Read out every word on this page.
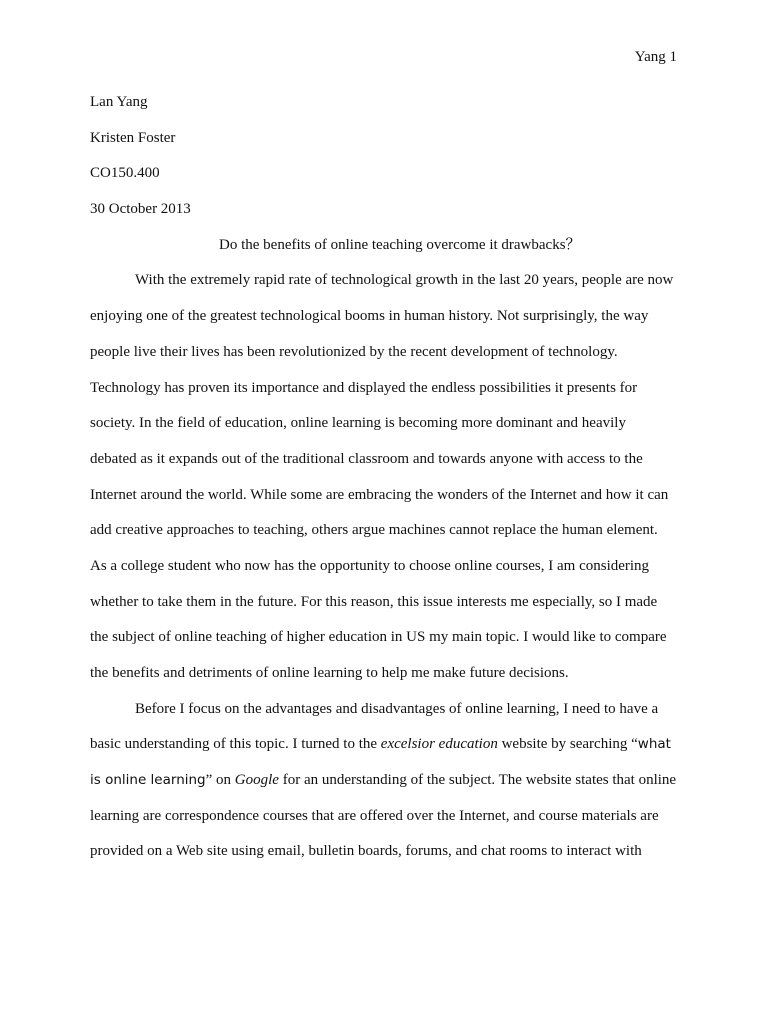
Yang 1
Lan Yang
Kristen Foster
CO150.400
30 October 2013
Do the benefits of online teaching overcome it drawbacks？
With the extremely rapid rate of technological growth in the last 20 years, people are now
enjoying one of the greatest technological booms in human history. Not surprisingly, the way
people live their lives has been revolutionized by the recent development of technology.
Technology has proven its importance and displayed the endless possibilities it presents for
society. In the field of education, online learning is becoming more dominant and heavily
debated as it expands out of the traditional classroom and towards anyone with access to the
Internet around the world. While some are embracing the wonders of the Internet and how it can
add creative approaches to teaching, others argue machines cannot replace the human element.
As a college student who now has the opportunity to choose online courses, I am considering
whether to take them in the future. For this reason, this issue interests me especially, so I made
the subject of online teaching of higher education in US my main topic. I would like to compare
the benefits and detriments of online learning to help me make future decisions.
Before I focus on the advantages and disadvantages of online learning, I need to have a
basic understanding of this topic. I turned to the excelsior education website by searching “what
is online learning” on Google for an understanding of the subject. The website states that online
learning are correspondence courses that are offered over the Internet, and course materials are
provided on a Web site using email, bulletin boards, forums, and chat rooms to interact with
